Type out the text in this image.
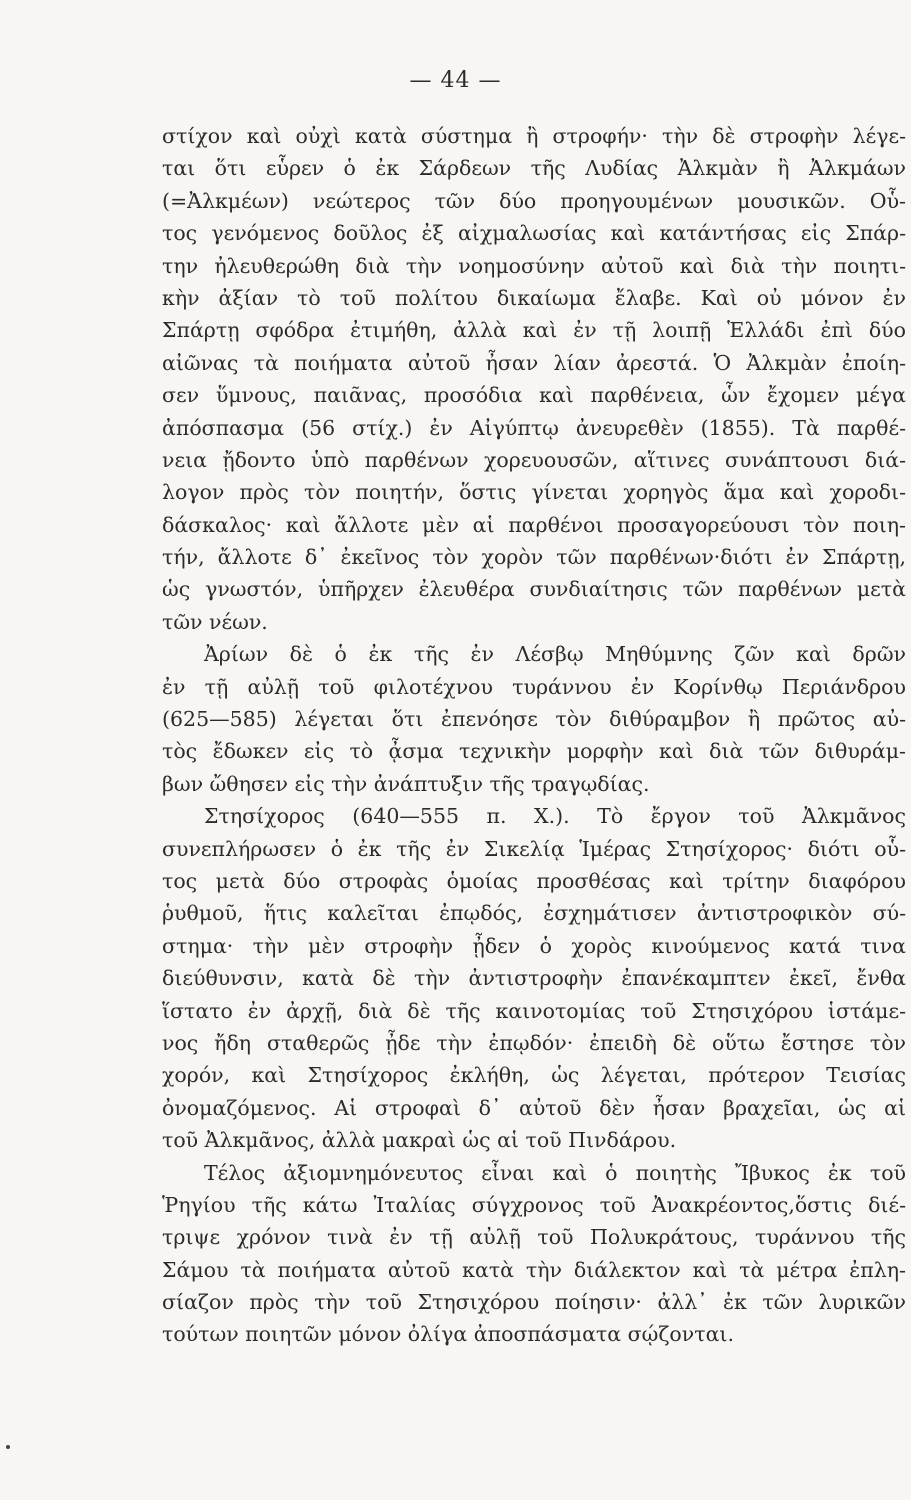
— 44 —
στίχον καὶ οὐχὶ κατὰ σύστημα ἢ στροφήν· τὴν δὲ στροφὴν λέγε-
ται ὅτι εὗρεν ὁ ἐκ Σάρδεων τῆς Λυδίας Ἀλκμὰν ἢ Ἀλκμάων
(=Ἀλκμέων) νεώτερος τῶν δύο προηγουμένων μουσικῶν. Οὗ-
τος γενόμενος δοῦλος ἐξ αἰχμαλωσίας καὶ κατάντήσας εἰς Σπάρ-
την ἠλευθερώθη διὰ τὴν νοημοσύνην αὐτοῦ καὶ διὰ τὴν ποιητι-
κὴν ἀξίαν τὸ τοῦ πολίτου δικαίωμα ἔλαβε. Καὶ οὐ μόνον ἐν
Σπάρτῃ σφόδρα ἐτιμήθη, ἀλλὰ καὶ ἐν τῇ λοιπῇ Ἑλλάδι ἐπὶ δύο
αἰῶνας τὰ ποιήματα αὐτοῦ ἦσαν λίαν ἀρεστά. Ὁ Ἀλκμὰν ἐποίη-
σεν ὕμνους, παιᾶνας, προσόδια καὶ παρθένεια, ὧν ἔχομεν μέγα
ἀπόσπασμα (56 στίχ.) ἐν Αἰγύπτῳ ἀνευρεθὲν (1855). Τὰ παρθέ-
νεια ᾔδοντο ὑπὸ παρθένων χορευουσῶν, αἵτινες συνάπτουσι διά-
λογον πρὸς τὸν ποιητήν, ὅστις γίνεται χορηγὸς ἅμα καὶ χοροδι-
δάσκαλος· καὶ ἄλλοτε μὲν αἱ παρθένοι προσαγορεύουσι τὸν ποιη-
τήν, ἄλλοτε δ᾽ ἐκεῖνος τὸν χορὸν τῶν παρθένων·διότι ἐν Σπάρτῃ,
ὡς γνωστόν, ὑπῆρχεν ἐλευθέρα συνδιαίτησις τῶν παρθένων μετὰ
τῶν νέων.
Ἀρίων δὲ ὁ ἐκ τῆς ἐν Λέσβῳ Μηθύμνης ζῶν καὶ δρῶν
ἐν τῇ αὐλῇ τοῦ φιλοτέχνου τυράννου ἐν Κορίνθῳ Περιάνδρου
(625—585) λέγεται ὅτι ἐπενόησε τὸν διθύραμβον ἢ πρῶτος αὐ-
τὸς ἔδωκεν εἰς τὸ ᾆσμα τεχνικὴν μορφὴν καὶ διὰ τῶν διθυράμ-
βων ὤθησεν εἰς τὴν ἀνάπτυξιν τῆς τραγῳδίας.
Στησίχορος (640—555 π. Χ.). Τὸ ἔργον τοῦ Ἀλκμᾶνος
συνεπλήρωσεν ὁ ἐκ τῆς ἐν Σικελίᾳ Ἱμέρας Στησίχορος· διότι οὗ-
τος μετὰ δύο στροφὰς ὁμοίας προσθέσας καὶ τρίτην διαφόρου
ῥυθμοῦ, ἥτις καλεῖται ἐπῳδός, ἐσχημάτισεν ἀντιστροφικὸν σύ-
στημα· τὴν μὲν στροφὴν ᾖδεν ὁ χορὸς κινούμενος κατά τινα
διεύθυνσιν, κατὰ δὲ τὴν ἀντιστροφὴν ἐπανέκαμπτεν ἐκεῖ, ἔνθα
ἵστατο ἐν ἀρχῇ, διὰ δὲ τῆς καινοτομίας τοῦ Στησιχόρου ἱστάμε-
νος ἤδη σταθερῶς ᾖδε τὴν ἐπῳδόν· ἐπειδὴ δὲ οὕτω ἔστησε τὸν
χορόν, καὶ Στησίχορος ἐκλήθη, ὡς λέγεται, πρότερον Τεισίας
ὀνομαζόμενος. Αἱ στροφαὶ δ᾽ αὐτοῦ δὲν ἦσαν βραχεῖαι, ὡς αἱ
τοῦ Ἀλκμᾶνος, ἀλλὰ μακραὶ ὡς αἱ τοῦ Πινδάρου.
Τέλος ἀξιομνημόνευτος εἶναι καὶ ὁ ποιητὴς Ἴβυκος ἐκ τοῦ
Ῥηγίου τῆς κάτω Ἰταλίας σύγχρονος τοῦ Ἀνακρέοντος,ὅστις διέ-
τριψε χρόνον τινὰ ἐν τῇ αὐλῇ τοῦ Πολυκράτους, τυράννου τῆς
Σάμου τὰ ποιήματα αὐτοῦ κατὰ τὴν διάλεκτον καὶ τὰ μέτρα ἐπλη-
σίαζον πρὸς τὴν τοῦ Στησιχόρου ποίησιν· ἀλλ᾽ ἐκ τῶν λυρικῶν
τούτων ποιητῶν μόνον ὀλίγα ἀποσπάσματα σῴζονται.
